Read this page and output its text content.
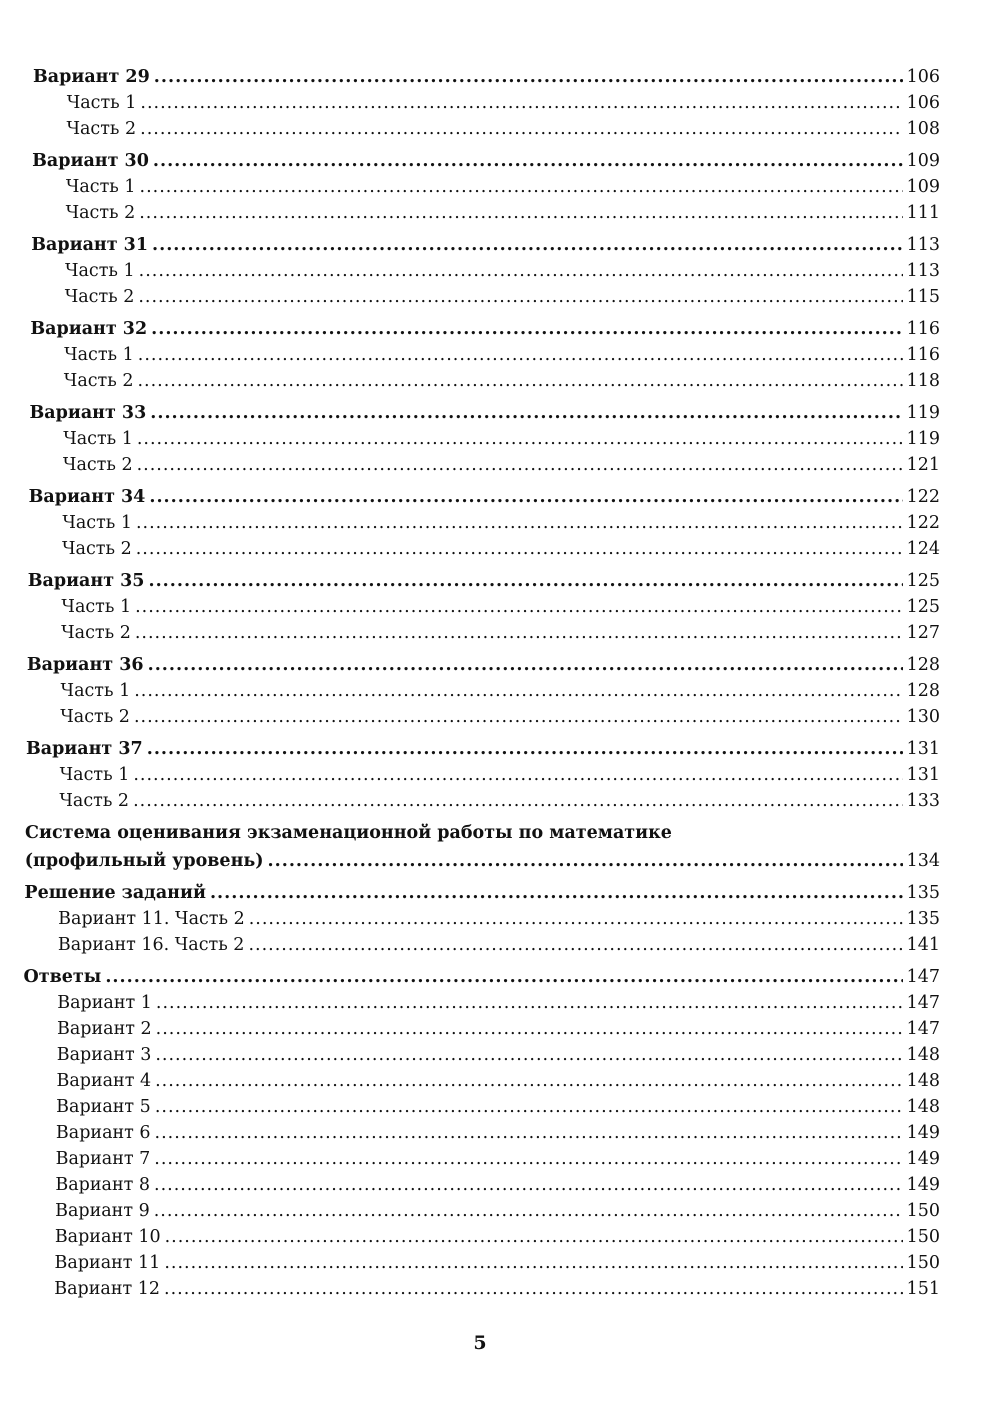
Вариант 29 .....	106
Часть 1 .....	106
Часть 2 .....	108
Вариант 30 .....	109
Часть 1 .....	109
Часть 2 .....	111
Вариант 31 .....	113
Часть 1 .....	113
Часть 2 .....	115
Вариант 32 .....	116
Часть 1 .....	116
Часть 2 .....	118
Вариант 33 .....	119
Часть 1 .....	119
Часть 2 .....	121
Вариант 34 .....	122
Часть 1 .....	122
Часть 2 .....	124
Вариант 35 .....	125
Часть 1 .....	125
Часть 2 .....	127
Вариант 36 .....	128
Часть 1 .....	128
Часть 2 .....	130
Вариант 37 .....	131
Часть 1 .....	131
Часть 2 .....	133
Система оценивания экзаменационной работы по математике
(профильный уровень) .....	134
Решение заданий .....	135
Вариант 11. Часть 2 .....	135
Вариант 16. Часть 2 .....	141
Ответы .....	147
Вариант 1 .....	147
Вариант 2 .....	147
Вариант 3 .....	148
Вариант 4 .....	148
Вариант 5 .....	148
Вариант 6 .....	149
Вариант 7 .....	149
Вариант 8 .....	149
Вариант 9 .....	150
Вариант 10 .....	150
Вариант 11 .....	150
Вариант 12 .....	151
5
